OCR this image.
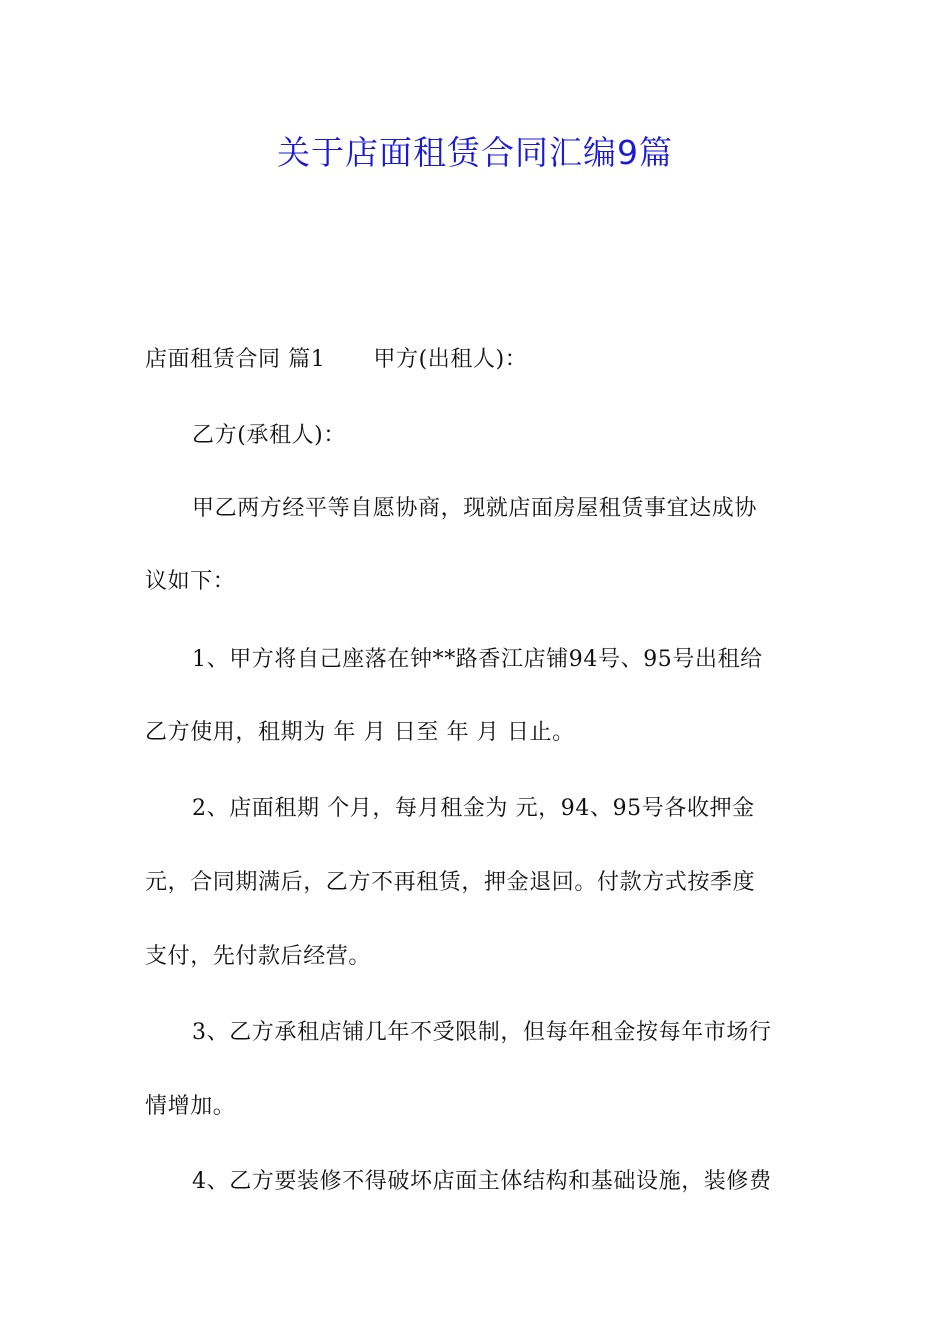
关于店面租赁合同汇编9篇
店面租赁合同 篇1 甲方(出租人)：
乙方(承租人)：
甲乙两方经平等自愿协商，现就店面房屋租赁事宜达成协
议如下：
1、甲方将自己座落在钟**路香江店铺94号、95号出租给
乙方使用，租期为 年 月 日至 年 月 日止。
2、店面租期 个月，每月租金为 元，94、95号各收押金
元，合同期满后，乙方不再租赁，押金退回。付款方式按季度
支付，先付款后经营。
3、乙方承租店铺几年不受限制，但每年租金按每年市场行
情增加。
4、乙方要装修不得破坏店面主体结构和基础设施，装修费
